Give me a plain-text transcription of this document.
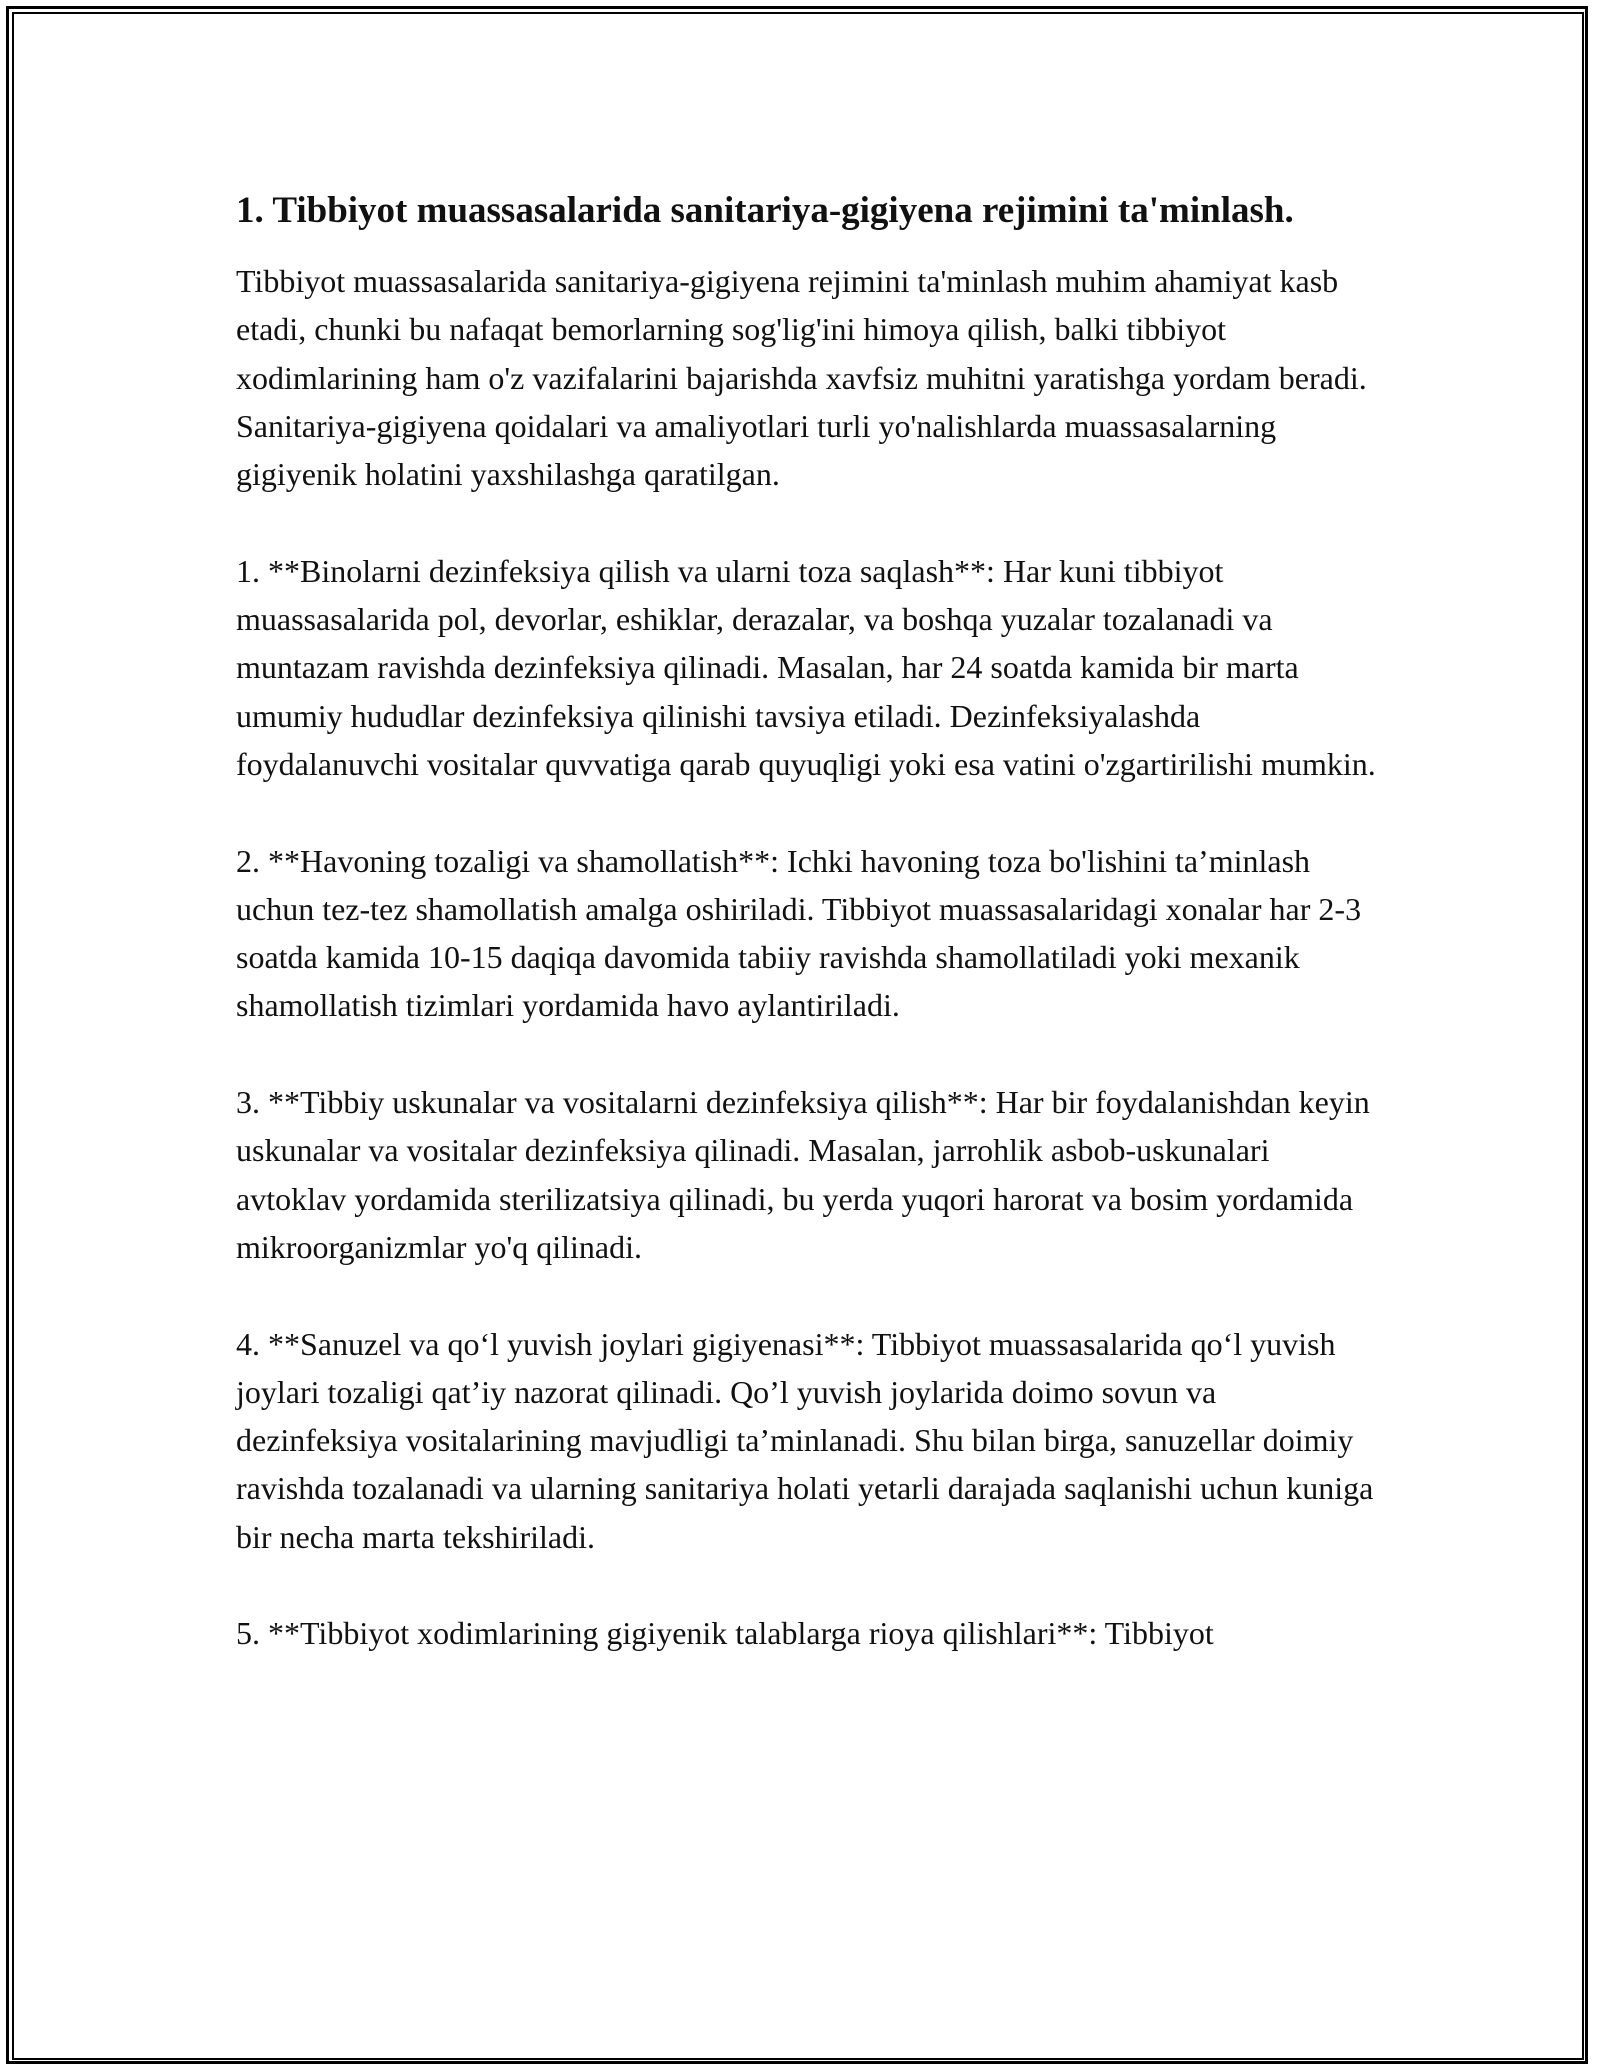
1. Tibbiyot muassasalarida sanitariya-gigiyena rejimini ta'minlash.

Tibbiyot muassasalarida sanitariya-gigiyena rejimini ta'minlash muhim ahamiyat kasb etadi, chunki bu nafaqat bemorlarning sog'lig'ini himoya qilish, balki tibbiyot xodimlarining ham o'z vazifalarini bajarishda xavfsiz muhitni yaratishga yordam beradi. Sanitariya-gigiyena qoidalari va amaliyotlari turli yo'nalishlarda muassasalarning gigiyenik holatini yaxshilashga qaratilgan.

1. **Binolarni dezinfeksiya qilish va ularni toza saqlash**: Har kuni tibbiyot muassasalarida pol, devorlar, eshiklar, derazalar, va boshqa yuzalar tozalanadi va muntazam ravishda dezinfeksiya qilinadi. Masalan, har 24 soatda kamida bir marta umumiy hududlar dezinfeksiya qilinishi tavsiya etiladi. Dezinfeksiyalashda foydalanuvchi vositalar quvvatiga qarab quyuqligi yoki esa vatini o'zgartirilishi mumkin.

2. **Havoning tozaligi va shamollatish**: Ichki havoning toza bo'lishini ta’minlash uchun tez-tez shamollatish amalga oshiriladi. Tibbiyot muassasalaridagi xonalar har 2-3 soatda kamida 10-15 daqiqa davomida tabiiy ravishda shamollatiladi yoki mexanik shamollatish tizimlari yordamida havo aylantiriladi.

3. **Tibbiy uskunalar va vositalarni dezinfeksiya qilish**: Har bir foydalanishdan keyin uskunalar va vositalar dezinfeksiya qilinadi. Masalan, jarrohlik asbob-uskunalari avtoklav yordamida sterilizatsiya qilinadi, bu yerda yuqori harorat va bosim yordamida mikroorganizmlar yo'q qilinadi.

4. **Sanuzel va qo‘l yuvish joylari gigiyenasi**: Tibbiyot muassasalarida qo‘l yuvish joylari tozaligi qat’iy nazorat qilinadi. Qo’l yuvish joylarida doimo sovun va dezinfeksiya vositalarining mavjudligi ta’minlanadi. Shu bilan birga, sanuzellar doimiy ravishda tozalanadi va ularning sanitariya holati yetarli darajada saqlanishi uchun kuniga bir necha marta tekshiriladi.

5. **Tibbiyot xodimlarining gigiyenik talablarga rioya qilishlari**: Tibbiyot
